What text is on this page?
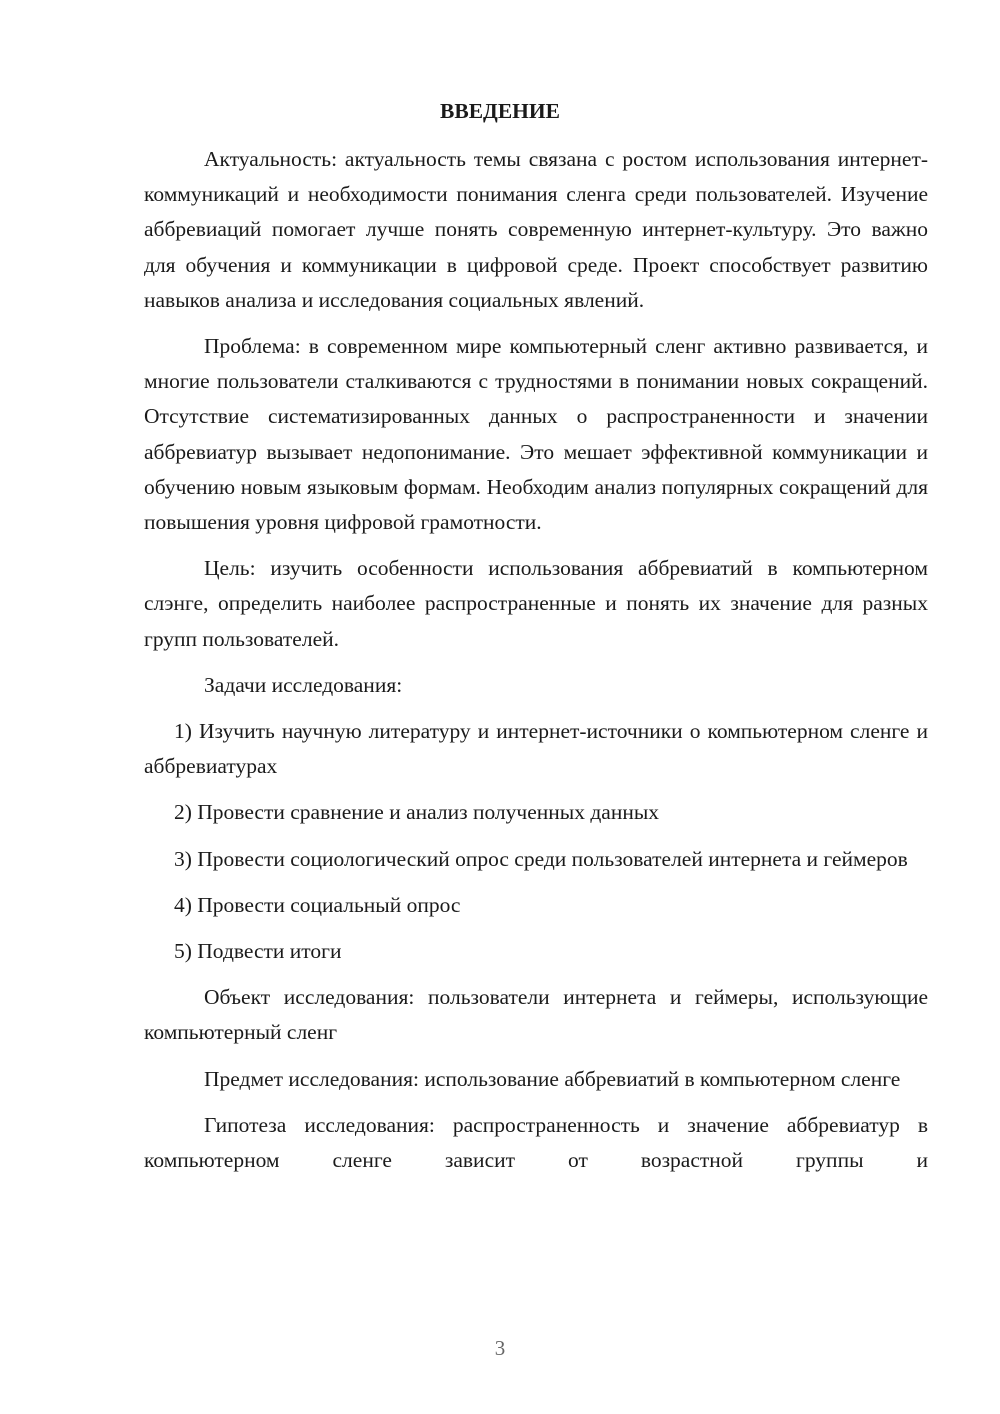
ВВЕДЕНИЕ

Актуальность: актуальность темы связана с ростом использования интернет-коммуникаций и необходимости понимания сленга среди пользователей. Изучение аббревиаций помогает лучше понять современную интернет-культуру. Это важно для обучения и коммуникации в цифровой среде. Проект способствует развитию навыков анализа и исследования социальных явлений.

Проблема: в современном мире компьютерный сленг активно развивается, и многие пользователи сталкиваются с трудностями в понимании новых сокращений. Отсутствие систематизированных данных о распространенности и значении аббревиатур вызывает недопонимание. Это мешает эффективной коммуникации и обучению новым языковым формам. Необходим анализ популярных сокращений для повышения уровня цифровой грамотности.

Цель: изучить особенности использования аббревиатий в компьютерном слэнге, определить наиболее распространенные и понять их значение для разных групп пользователей.

Задачи исследования:

1) Изучить научную литературу и интернет-источники о компьютерном сленге и аббревиатурах

2) Провести сравнение и анализ полученных данных

3) Провести социологический опрос среди пользователей интернета и геймеров

4) Провести социальный опрос

5) Подвести итоги

Объект исследования: пользователи интернета и геймеры, использующие компьютерный сленг

Предмет исследования: использование аббревиатий в компьютерном сленге

Гипотеза исследования: распространенность и значение аббревиатур в компьютерном сленге зависит от возрастной группы и

3
